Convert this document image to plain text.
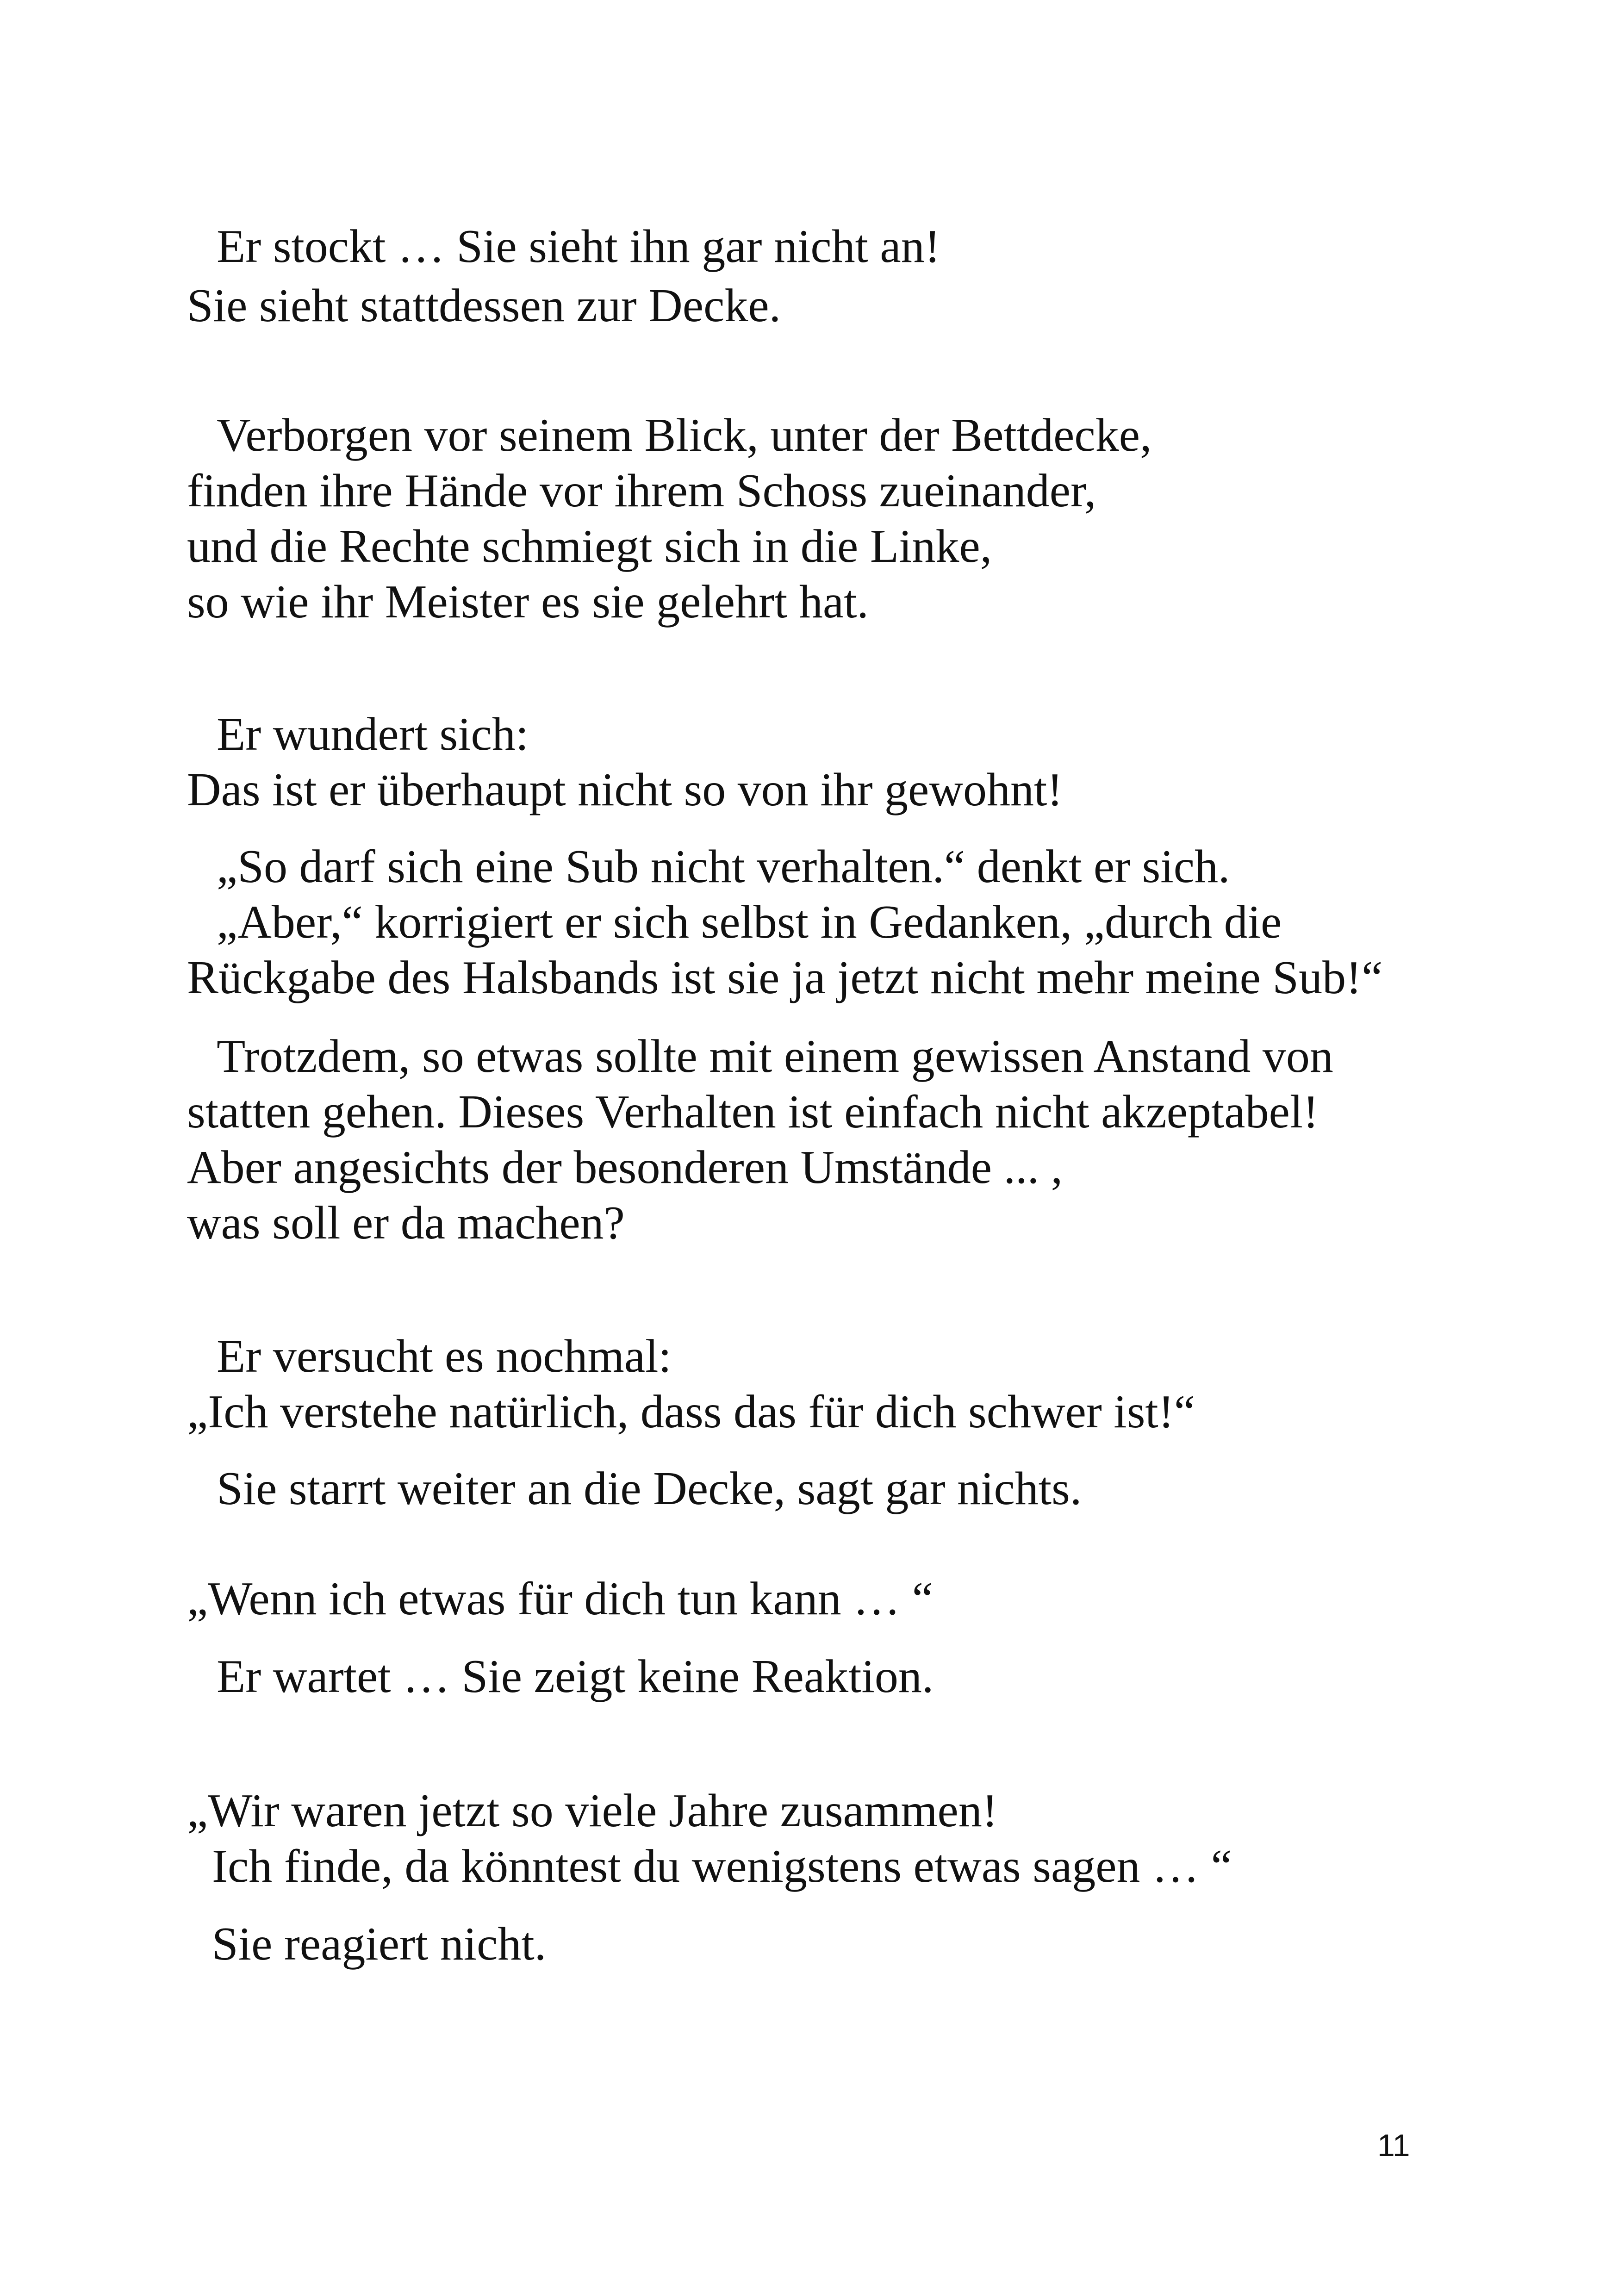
Er stockt … Sie sieht ihn gar nicht an!

Sie sieht stattdessen zur Decke.

Verborgen vor seinem Blick, unter der Bettdecke,

finden ihre Hände vor ihrem Schoss zueinander,

und die Rechte schmiegt sich in die Linke,

so wie ihr Meister es sie gelehrt hat.

Er wundert sich:

Das ist er überhaupt nicht so von ihr gewohnt!

„So darf sich eine Sub nicht verhalten.“ denkt er sich.

„Aber,“ korrigiert er sich selbst in Gedanken, „durch die

Rückgabe des Halsbands ist sie ja jetzt nicht mehr meine Sub!“

Trotzdem, so etwas sollte mit einem gewissen Anstand von

statten gehen. Dieses Verhalten ist einfach nicht akzeptabel!

Aber angesichts der besonderen Umstände ... ,

was soll er da machen?

Er versucht es nochmal:

„Ich verstehe natürlich, dass das für dich schwer ist!“

Sie starrt weiter an die Decke, sagt gar nichts.

„Wenn ich etwas für dich tun kann … “

Er wartet … Sie zeigt keine Reaktion.

„Wir waren jetzt so viele Jahre zusammen!

Ich finde, da könntest du wenigstens etwas sagen … “

Sie reagiert nicht.

11
